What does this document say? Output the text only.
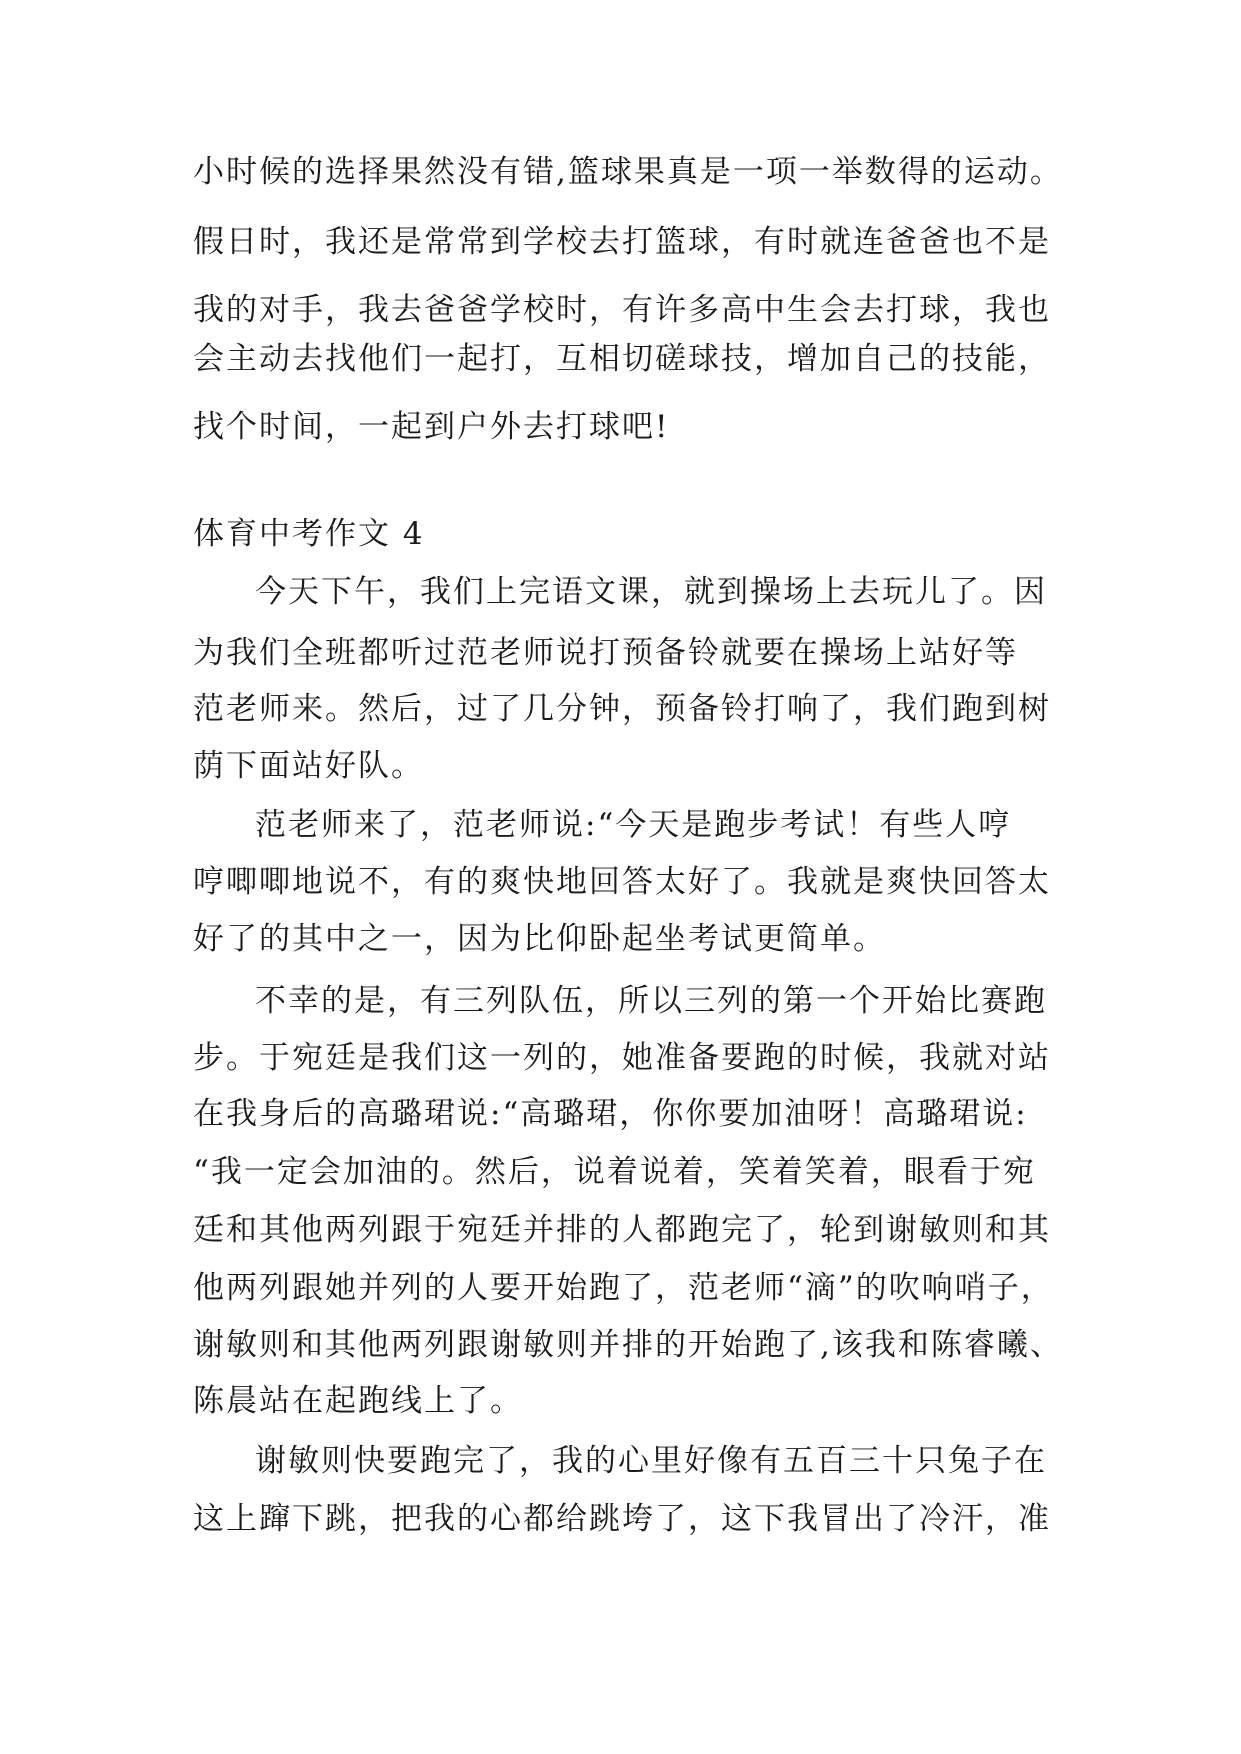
小时候的选择果然没有错,篮球果真是一项一举数得的运动。
假日时，我还是常常到学校去打篮球，有时就连爸爸也不是
我的对手，我去爸爸学校时，有许多高中生会去打球，我也
会主动去找他们一起打，互相切磋球技，增加自己的技能，
找个时间，一起到户外去打球吧!
体育中考作文 4
今天下午，我们上完语文课，就到操场上去玩儿了。因
为我们全班都听过范老师说打预备铃就要在操场上站好等
范老师来。然后，过了几分钟，预备铃打响了，我们跑到树
荫下面站好队。
范老师来了，范老师说:“今天是跑步考试！有些人哼
哼唧唧地说不，有的爽快地回答太好了。我就是爽快回答太
好了的其中之一，因为比仰卧起坐考试更简单。
不幸的是，有三列队伍，所以三列的第一个开始比赛跑
步。于宛廷是我们这一列的，她准备要跑的时候，我就对站
在我身后的高璐珺说:“高璐珺，你你要加油呀！高璐珺说:
“我一定会加油的。然后，说着说着，笑着笑着，眼看于宛
廷和其他两列跟于宛廷并排的人都跑完了，轮到谢敏则和其
他两列跟她并列的人要开始跑了，范老师“滴”的吹响哨子，
谢敏则和其他两列跟谢敏则并排的开始跑了,该我和陈睿曦、
陈晨站在起跑线上了。
谢敏则快要跑完了，我的心里好像有五百三十只兔子在
这上蹿下跳，把我的心都给跳垮了，这下我冒出了冷汗，准
